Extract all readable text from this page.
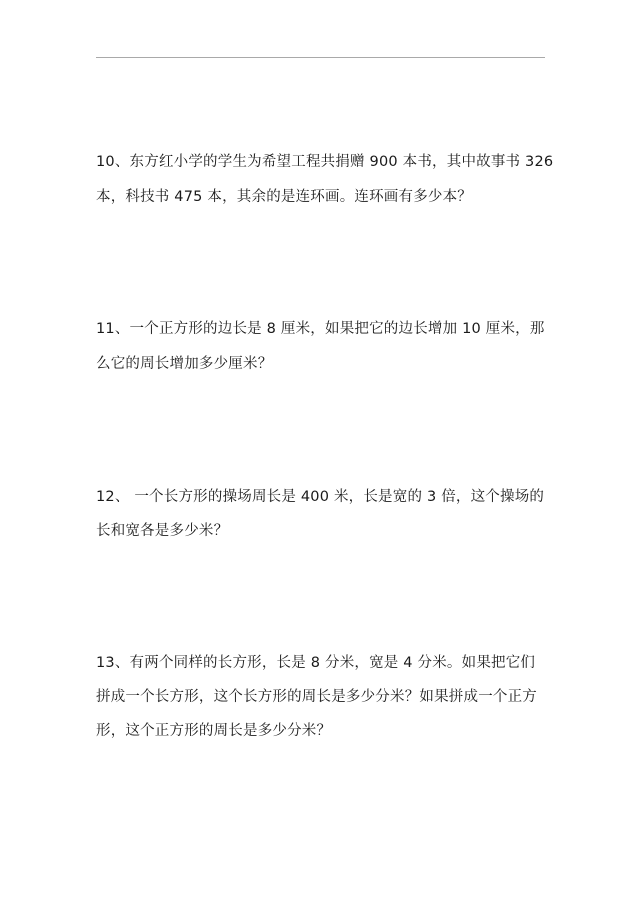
10、东方红小学的学生为希望工程共捐赠 900 本书，其中故事书 326
本，科技书 475 本，其余的是连环画。连环画有多少本？
11、一个正方形的边长是 8 厘米，如果把它的边长增加 10 厘米，那
么它的周长增加多少厘米？
12、 一个长方形的操场周长是 400 米，长是宽的 3 倍，这个操场的
长和宽各是多少米？
13、有两个同样的长方形，长是 8 分米，宽是 4 分米。如果把它们
拼成一个长方形，这个长方形的周长是多少分米？如果拼成一个正方
形，这个正方形的周长是多少分米？
